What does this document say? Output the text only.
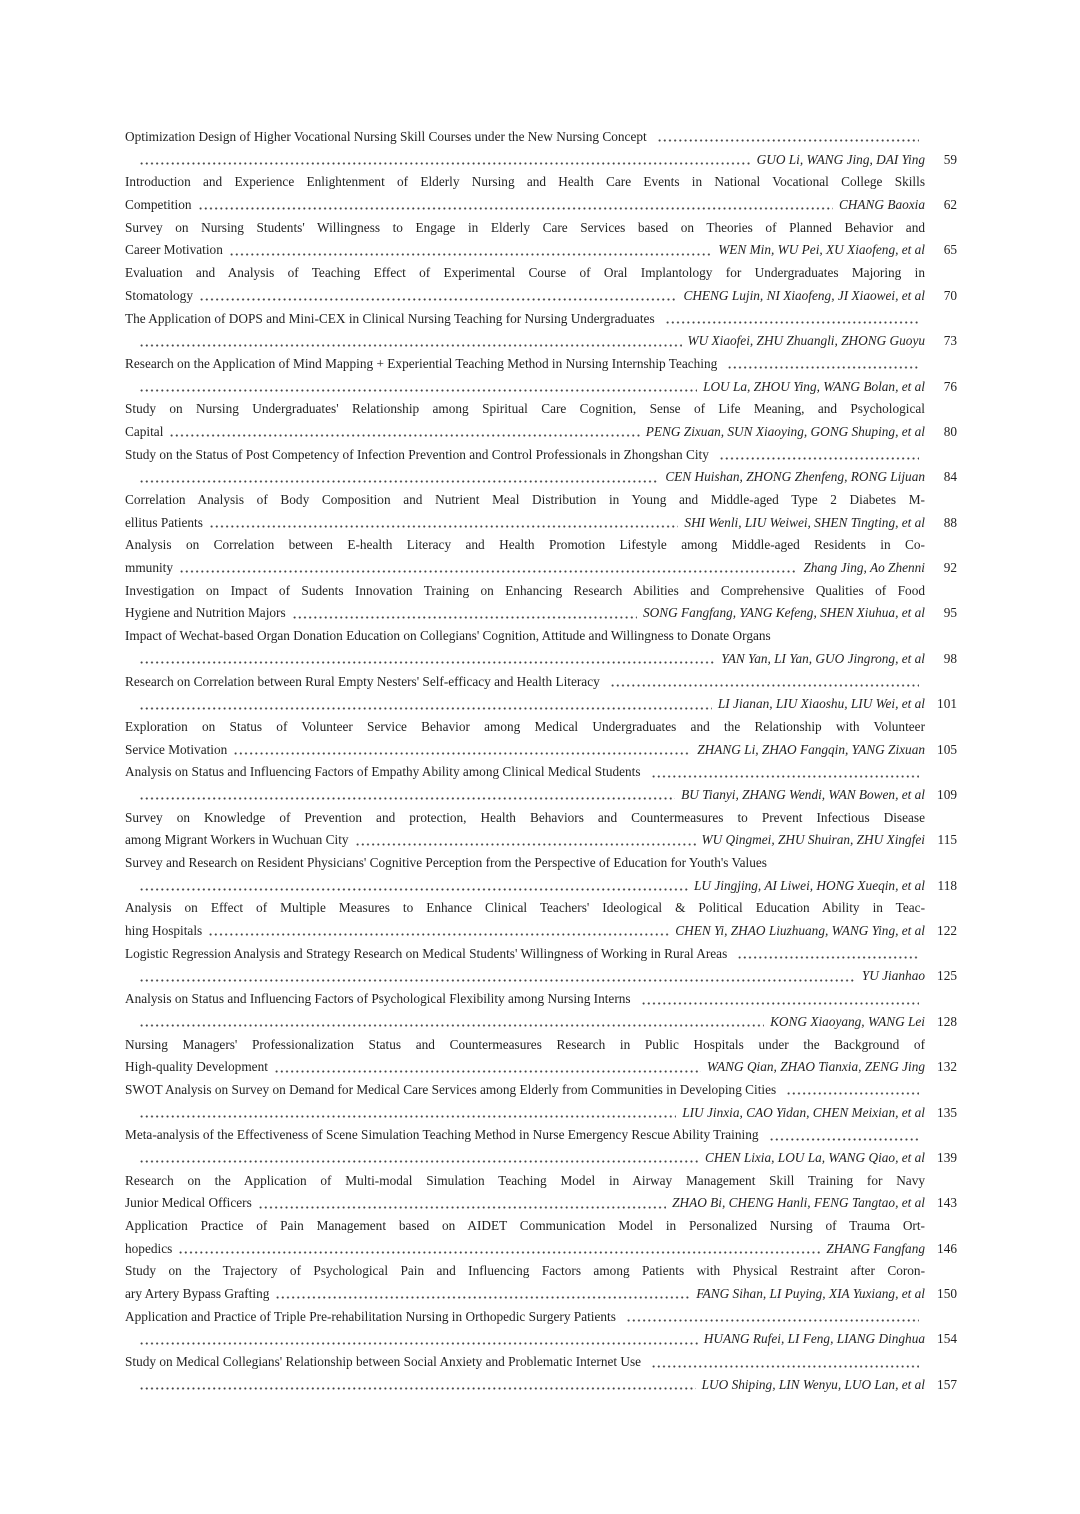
Optimization Design of Higher Vocational Nursing Skill Courses under the New Nursing Concept
GUO Li, WANG Jing, DAI Ying	59
Introduction and Experience Enlightenment of Elderly Nursing and Health Care Events in National Vocational College Skills
Competition	CHANG Baoxia	62
Survey on Nursing Students' Willingness to Engage in Elderly Care Services based on Theories of Planned Behavior and
Career Motivation	WEN Min, WU Pei, XU Xiaofeng, et al	65
Evaluation and Analysis of Teaching Effect of Experimental Course of Oral Implantology for Undergraduates Majoring in
Stomatology	CHENG Lujin, NI Xiaofeng, JI Xiaowei, et al	70
The Application of DOPS and Mini-CEX in Clinical Nursing Teaching for Nursing Undergraduates
WU Xiaofei, ZHU Zhuangli, ZHONG Guoyu	73
Research on the Application of Mind Mapping + Experiential Teaching Method in Nursing Internship Teaching
LOU La, ZHOU Ying, WANG Bolan, et al	76
Study on Nursing Undergraduates' Relationship among Spiritual Care Cognition, Sense of Life Meaning, and Psychological
Capital	PENG Zixuan, SUN Xiaoying, GONG Shuping, et al	80
Study on the Status of Post Competency of Infection Prevention and Control Professionals in Zhongshan City
CEN Huishan, ZHONG Zhenfeng, RONG Lijuan	84
Correlation Analysis of Body Composition and Nutrient Meal Distribution in Young and Middle-aged Type 2 Diabetes M-
ellitus Patients	SHI Wenli, LIU Weiwei, SHEN Tingting, et al	88
Analysis on Correlation between E-health Literacy and Health Promotion Lifestyle among Middle-aged Residents in Co-
mmunity	Zhang Jing, Ao Zhenni	92
Investigation on Impact of Sudents Innovation Training on Enhancing Research Abilities and Comprehensive Qualities of Food
Hygiene and Nutrition Majors	SONG Fangfang, YANG Kefeng, SHEN Xiuhua, et al	95
Impact of Wechat-based Organ Donation Education on Collegians' Cognition, Attitude and Willingness to Donate Organs
YAN Yan, LI Yan, GUO Jingrong, et al	98
Research on Correlation between Rural Empty Nesters' Self-efficacy and Health Literacy
LI Jianan, LIU Xiaoshu, LIU Wei, et al 101
Exploration on Status of Volunteer Service Behavior among Medical Undergraduates and the Relationship with Volunteer
Service Motivation	ZHANG Li, ZHAO Fangqin, YANG Zixuan 105
Analysis on Status and Influencing Factors of Empathy Ability among Clinical Medical Students
BU Tianyi, ZHANG Wendi, WAN Bowen, et al 109
Survey on Knowledge of Prevention and protection, Health Behaviors and Countermeasures to Prevent Infectious Disease
among Migrant Workers in Wuchuan City	WU Qingmei, ZHU Shuiran, ZHU Xingfei 115
Survey and Research on Resident Physicians' Cognitive Perception from the Perspective of Education for Youth's Values
LU Jingjing, AI Liwei, HONG Xueqin, et al 118
Analysis on Effect of Multiple Measures to Enhance Clinical Teachers' Ideological & Political Education Ability in Teac-
hing Hospitals	CHEN Yi, ZHAO Liuzhuang, WANG Ying, et al 122
Logistic Regression Analysis and Strategy Research on Medical Students' Willingness of Working in Rural Areas
YU Jianhao 125
Analysis on Status and Influencing Factors of Psychological Flexibility among Nursing Interns
KONG Xiaoyang, WANG Lei 128
Nursing Managers' Professionalization Status and Countermeasures Research in Public Hospitals under the Background of
High-quality Development	WANG Qian, ZHAO Tianxia, ZENG Jing 132
SWOT Analysis on Survey on Demand for Medical Care Services among Elderly from Communities in Developing Cities
LIU Jinxia, CAO Yidan, CHEN Meixian, et al 135
Meta-analysis of the Effectiveness of Scene Simulation Teaching Method in Nurse Emergency Rescue Ability Training
CHEN Lixia, LOU La, WANG Qiao, et al 139
Research on the Application of Multi-modal Simulation Teaching Model in Airway Management Skill Training for Navy
Junior Medical Officers	ZHAO Bi, CHENG Hanli, FENG Tangtao, et al 143
Application Practice of Pain Management based on AIDET Communication Model in Personalized Nursing of Trauma Ort-
hopedics	ZHANG Fangfang 146
Study on the Trajectory of Psychological Pain and Influencing Factors among Patients with Physical Restraint after Coron-
ary Artery Bypass Grafting	FANG Sihan, LI Puying, XIA Yuxiang, et al 150
Application and Practice of Triple Pre-rehabilitation Nursing in Orthopedic Surgery Patients
HUANG Rufei, LI Feng, LIANG Dinghua 154
Study on Medical Collegians' Relationship between Social Anxiety and Problematic Internet Use
LUO Shiping, LIN Wenyu, LUO Lan, et al 157
